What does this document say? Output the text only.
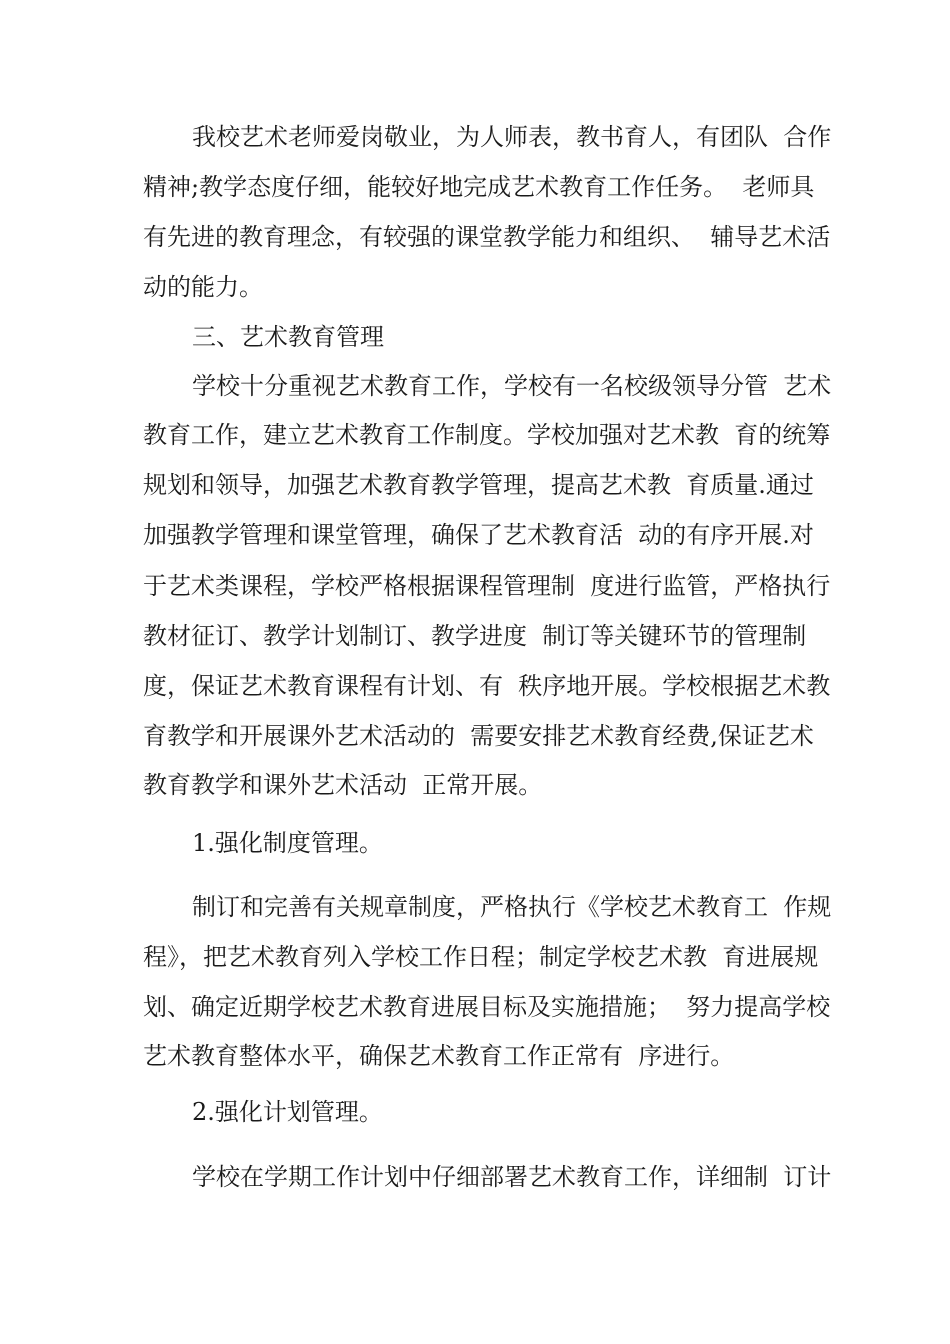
我校艺术老师爱岗敬业，为人师表，教书育人，有团队  合作
精神;教学态度仔细，能较好地完成艺术教育工作任务。  老师具
有先进的教育理念，有较强的课堂教学能力和组织、  辅导艺术活
动的能力。
三、艺术教育管理
学校十分重视艺术教育工作，学校有一名校级领导分管  艺术
教育工作，建立艺术教育工作制度。学校加强对艺术教  育的统筹
规划和领导，加强艺术教育教学管理，提高艺术教  育质量.通过
加强教学管理和课堂管理，确保了艺术教育活  动的有序开展.对
于艺术类课程，学校严格根据课程管理制  度进行监管，严格执行
教材征订、教学计划制订、教学进度  制订等关键环节的管理制
度，保证艺术教育课程有计划、有  秩序地开展。学校根据艺术教
育教学和开展课外艺术活动的  需要安排艺术教育经费,保证艺术
教育教学和课外艺术活动  正常开展。
1.强化制度管理。
制订和完善有关规章制度，严格执行《学校艺术教育工  作规
程》，把艺术教育列入学校工作日程；制定学校艺术教  育进展规
划、确定近期学校艺术教育进展目标及实施措施；  努力提高学校
艺术教育整体水平，确保艺术教育工作正常有  序进行。
2.强化计划管理。
学校在学期工作计划中仔细部署艺术教育工作，详细制  订计
